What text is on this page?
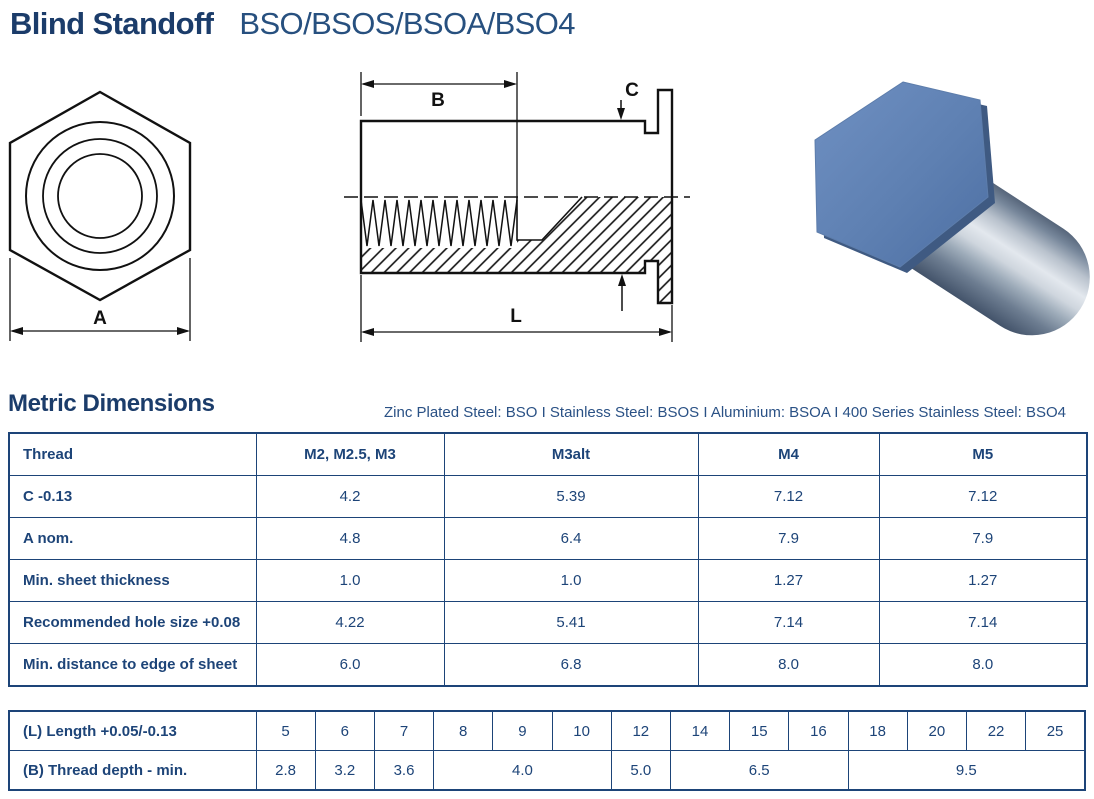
Blind Standoff BSO/BSOS/BSOA/BSO4
A
B	C
L
Metric Dimensions	Zinc Plated Steel: BSO I Stainless Steel: BSOS I Aluminium: BSOA I 400 Series Stainless Steel: BSO4
Thread	M2, M2.5, M3	M3alt	M4	M5
C -0.13	4.2	5.39	7.12	7.12
A nom.	4.8	6.4	7.9	7.9
Min. sheet thickness	1.0	1.0	1.27	1.27
Recommended hole size +0.08	4.22	5.41	7.14	7.14
Min. distance to edge of sheet	6.0	6.8	8.0	8.0
(L) Length +0.05/-0.13	5	6	7	8	9	10	12	14	15	16	18	20	22	25
(B) Thread depth - min.	2.8	3.2	3.6	4.0			5.0	6.5			9.5			
